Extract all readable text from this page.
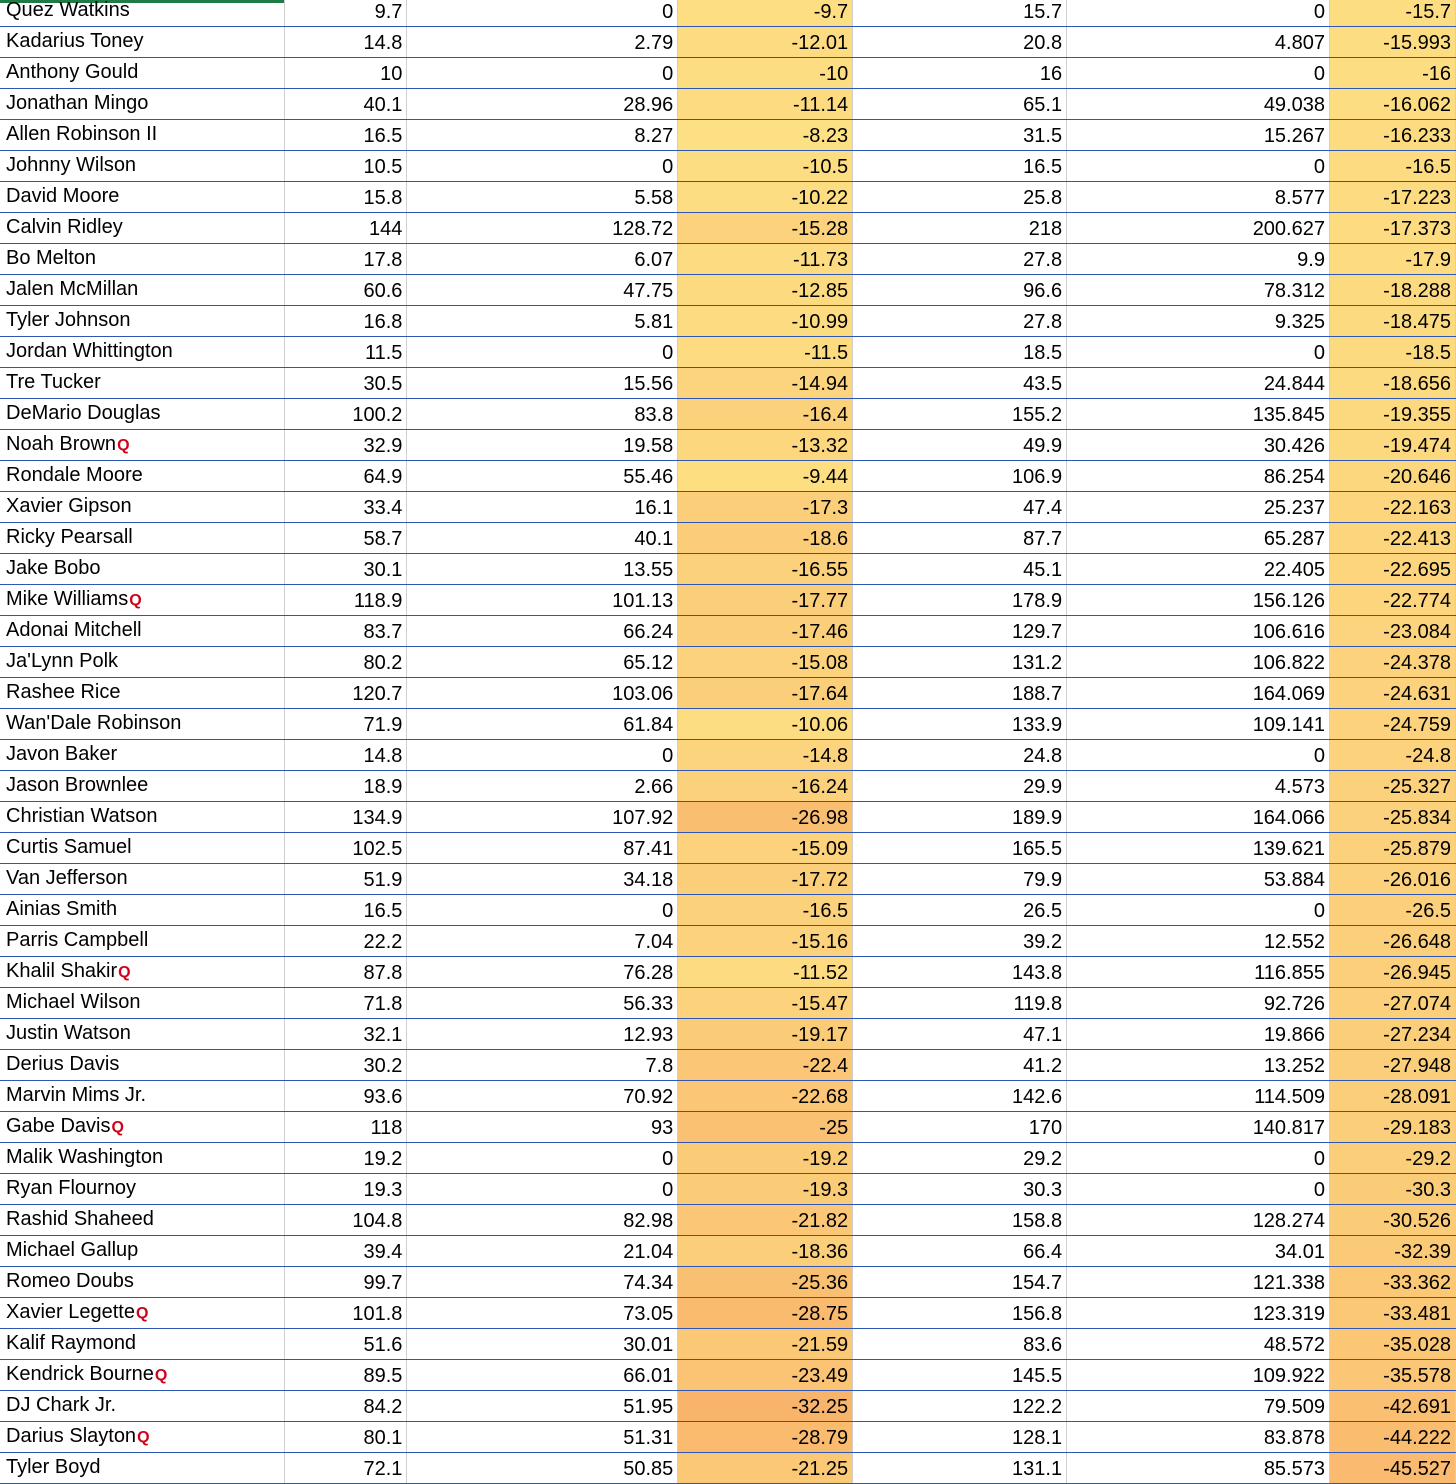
Quez Watkins	9.7	0	-9.7	15.7	0	-15.7
Kadarius Toney	14.8	2.79	-12.01	20.8	4.807	-15.993
Anthony Gould	10	0	-10	16	0	-16
Jonathan Mingo	40.1	28.96	-11.14	65.1	49.038	-16.062
Allen Robinson II	16.5	8.27	-8.23	31.5	15.267	-16.233
Johnny Wilson	10.5	0	-10.5	16.5	0	-16.5
David Moore	15.8	5.58	-10.22	25.8	8.577	-17.223
Calvin Ridley	144	128.72	-15.28	218	200.627	-17.373
Bo Melton	17.8	6.07	-11.73	27.8	9.9	-17.9
Jalen McMillan	60.6	47.75	-12.85	96.6	78.312	-18.288
Tyler Johnson	16.8	5.81	-10.99	27.8	9.325	-18.475
Jordan Whittington	11.5	0	-11.5	18.5	0	-18.5
Tre Tucker	30.5	15.56	-14.94	43.5	24.844	-18.656
DeMario Douglas	100.2	83.8	-16.4	155.2	135.845	-19.355
Noah BrownQ	32.9	19.58	-13.32	49.9	30.426	-19.474
Rondale Moore	64.9	55.46	-9.44	106.9	86.254	-20.646
Xavier Gipson	33.4	16.1	-17.3	47.4	25.237	-22.163
Ricky Pearsall	58.7	40.1	-18.6	87.7	65.287	-22.413
Jake Bobo	30.1	13.55	-16.55	45.1	22.405	-22.695
Mike WilliamsQ	118.9	101.13	-17.77	178.9	156.126	-22.774
Adonai Mitchell	83.7	66.24	-17.46	129.7	106.616	-23.084
Ja'Lynn Polk	80.2	65.12	-15.08	131.2	106.822	-24.378
Rashee Rice	120.7	103.06	-17.64	188.7	164.069	-24.631
Wan'Dale Robinson	71.9	61.84	-10.06	133.9	109.141	-24.759
Javon Baker	14.8	0	-14.8	24.8	0	-24.8
Jason Brownlee	18.9	2.66	-16.24	29.9	4.573	-25.327
Christian Watson	134.9	107.92	-26.98	189.9	164.066	-25.834
Curtis Samuel	102.5	87.41	-15.09	165.5	139.621	-25.879
Van Jefferson	51.9	34.18	-17.72	79.9	53.884	-26.016
Ainias Smith	16.5	0	-16.5	26.5	0	-26.5
Parris Campbell	22.2	7.04	-15.16	39.2	12.552	-26.648
Khalil ShakirQ	87.8	76.28	-11.52	143.8	116.855	-26.945
Michael Wilson	71.8	56.33	-15.47	119.8	92.726	-27.074
Justin Watson	32.1	12.93	-19.17	47.1	19.866	-27.234
Derius Davis	30.2	7.8	-22.4	41.2	13.252	-27.948
Marvin Mims Jr.	93.6	70.92	-22.68	142.6	114.509	-28.091
Gabe DavisQ	118	93	-25	170	140.817	-29.183
Malik Washington	19.2	0	-19.2	29.2	0	-29.2
Ryan Flournoy	19.3	0	-19.3	30.3	0	-30.3
Rashid Shaheed	104.8	82.98	-21.82	158.8	128.274	-30.526
Michael Gallup	39.4	21.04	-18.36	66.4	34.01	-32.39
Romeo Doubs	99.7	74.34	-25.36	154.7	121.338	-33.362
Xavier LegetteQ	101.8	73.05	-28.75	156.8	123.319	-33.481
Kalif Raymond	51.6	30.01	-21.59	83.6	48.572	-35.028
Kendrick BourneQ	89.5	66.01	-23.49	145.5	109.922	-35.578
DJ Chark Jr.	84.2	51.95	-32.25	122.2	79.509	-42.691
Darius SlaytonQ	80.1	51.31	-28.79	128.1	83.878	-44.222
Tyler Boyd	72.1	50.85	-21.25	131.1	85.573	-45.527
